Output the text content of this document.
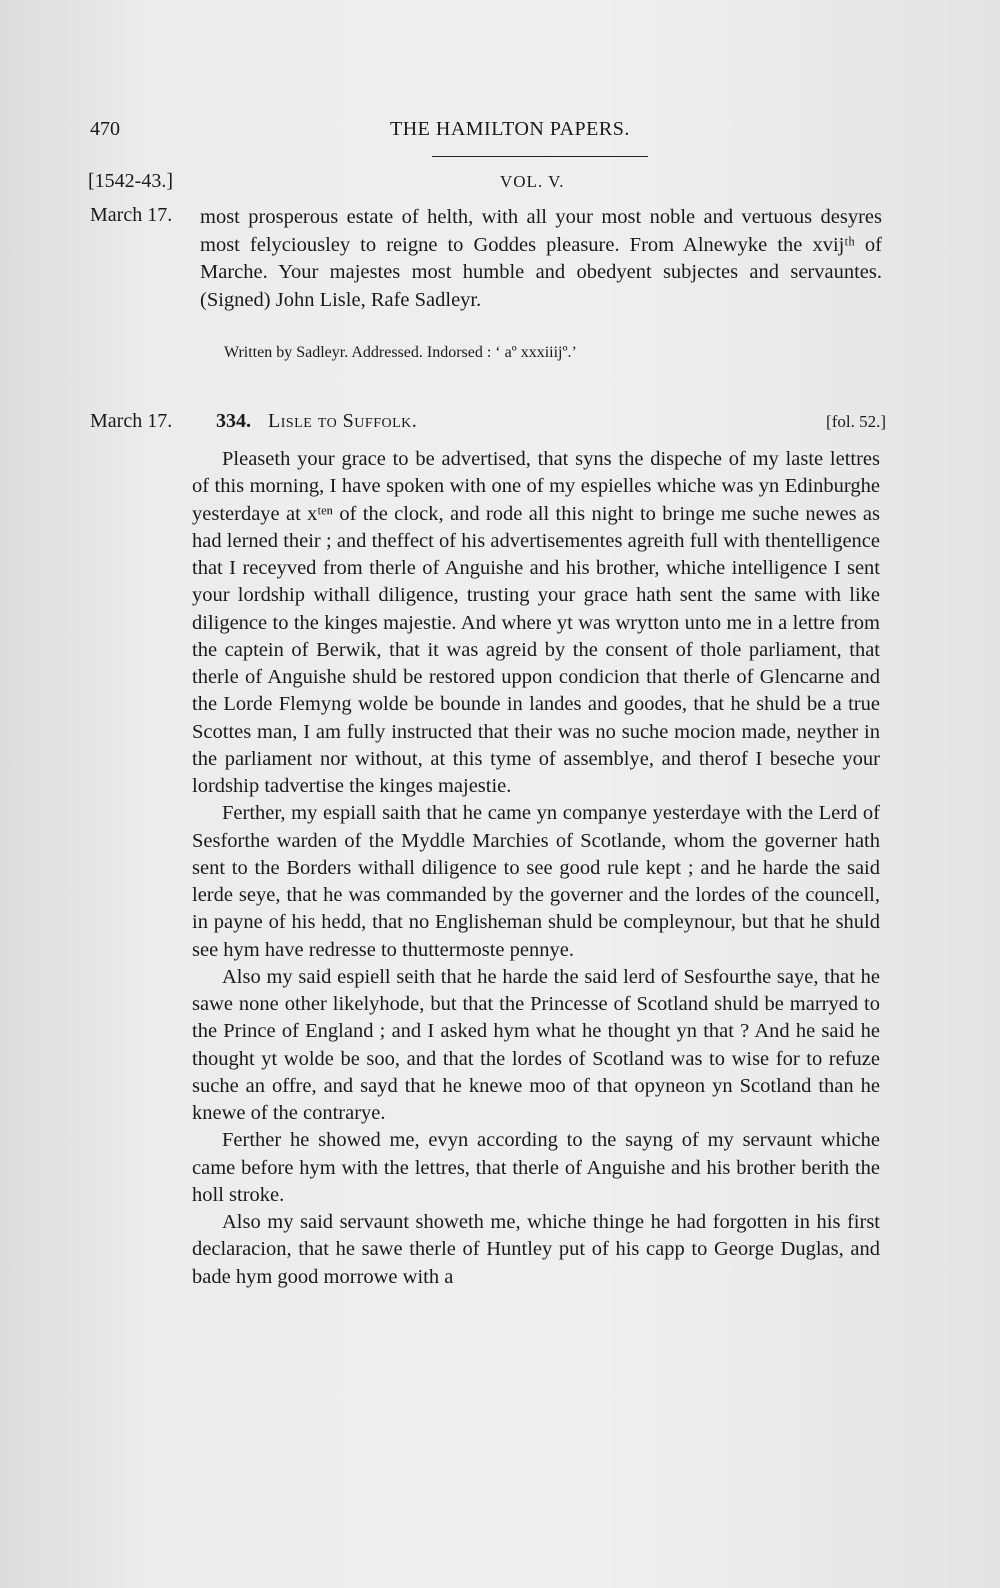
470	THE HAMILTON PAPERS.
[1542-43.]	VOL. V.
March 17. most prosperous estate of helth, with all your most noble and vertuous desyres most felyciousley to reigne to Goddes pleasure. From Alnewyke the xvijᵗʰ of Marche. Your majestes most humble and obedyent subjectes and servauntes. (Signed) John Lisle, Rafe Sadleyr.
Written by Sadleyr. Addressed. Indorsed : ‘ aº xxxiiijº.’
March 17. 334. Lisle to Suffolk.	[fol. 52.]

Pleaseth your grace to be advertised, that syns the dispeche of my laste lettres of this morning, I have spoken with one of my espielles whiche was yn Edinburghe yesterdaye at xᵗᵉⁿ of the clock, and rode all this night to bringe me suche newes as had lerned their ; and theffect of his advertisementes agreith full with thentelligence that I receyved from therle of Anguishe and his brother, whiche intelligence I sent your lordship withall diligence, trusting your grace hath sent the same with like diligence to the kinges majestie. And where yt was wrytton unto me in a lettre from the captein of Berwik, that it was agreid by the consent of thole parliament, that therle of Anguishe shuld be restored uppon condicion that therle of Glencarne and the Lorde Flemyng wolde be bounde in landes and goodes, that he shuld be a true Scottes man, I am fully instructed that their was no suche mocion made, neyther in the parliament nor without, at this tyme of assemblye, and therof I beseche your lordship tadvertise the kinges majestie.

Ferther, my espiall saith that he came yn companye yesterdaye with the Lerd of Sesforthe warden of the Myddle Marchies of Scotlande, whom the governer hath sent to the Borders withall diligence to see good rule kept ; and he harde the said lerde seye, that he was commanded by the governer and the lordes of the councell, in payne of his hedd, that no Englisheman shuld be compleynour, but that he shuld see hym have redresse to thuttermoste pennye.

Also my said espiell seith that he harde the said lerd of Sesfourthe saye, that he sawe none other likelyhode, but that the Princesse of Scotland shuld be marryed to the Prince of England ; and I asked hym what he thought yn that ? And he said he thought yt wolde be soo, and that the lordes of Scotland was to wise for to refuze suche an offre, and sayd that he knewe moo of that opyneon yn Scotland than he knewe of the contrarye.

Ferther he showed me, evyn according to the sayng of my servaunt whiche came before hym with the lettres, that therle of Anguishe and his brother berith the holl stroke.

Also my said servaunt showeth me, whiche thinge he had forgotten in his first declaracion, that he sawe therle of Huntley put of his capp to George Duglas, and bade hym good morrowe with a
